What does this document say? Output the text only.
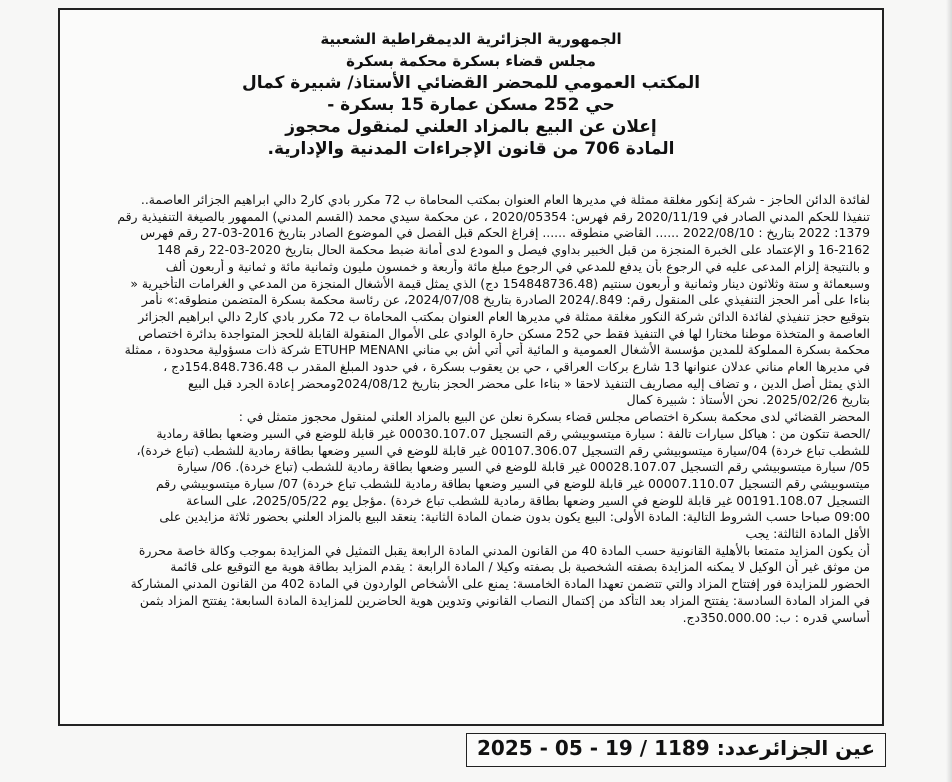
الجمهورية الجزائرية الديمقراطية الشعبية
مجلس قضاء بسكرة محكمة بسكرة
المكتب العمومي للمحضر القضائي الأستاذ/ شبيرة كمال
حي 252 مسكن عمارة 15 بسكرة -
إعلان عن البيع بالمزاد العلني لمنقول محجوز
المادة 706 من قانون الإجراءات المدنية والإدارية.
لفائدة الدائن الحاجز - شركة إنكور مغلقة ممثلة في مديرها العام العنوان بمكتب المحاماة ب 72 مكرر بادي كار2 دالي ابراهيم الجزائر العاصمة..
تنفيذا للحكم المدني الصادر في 2020/11/19 رقم فهرس: 2020/05354 ، عن محكمة سيدي محمد (القسم المدني) الممهور بالصيغة التنفيذية رقم
1379: 2022 بتاريخ : 2022/08/10 ...... القاضي منطوقه ...... إفراغ الحكم قبل الفصل في الموضوع الصادر بتاريخ 2016-03-27 رقم فهرس
16-2162 و الإعتماد على الخبرة المنجزة من قبل الخبير بداوي فيصل و المودع لدى أمانة ضبط محكمة الحال بتاريخ 2020-03-22 رقم 148
و بالنتيجة إلزام المدعى عليه في الرجوع بأن يدفع للمدعي في الرجوع مبلغ مائة وأربعة و خمسون مليون وثمانية مائة و ثمانية و أربعون ألف
وسبعمائة و ستة وثلاثون دينار وثمانية و أربعون سنتيم (154848736.48 دج) الذي يمثل قيمة الأشغال المنجزة من المدعي و الغرامات التأخيرية «
بناءا على أمر الحجز التنفيذي على المنقول رقم: 849./2024 الصادرة بتاريخ 2024/07/08، عن رئاسة محكمة بسكرة المتضمن منطوقه:» نأمر
بتوقيع حجز تنفيذي لفائدة الدائن شركة النكور مغلقة ممثلة في مديرها العام العنوان بمكتب المحاماة ب 72 مكرر بادي كار2 دالي ابراهيم الجزائر
العاصمة و المتخذة موطنا مختارا لها في التنفيذ فقط حي 252 مسكن حارة الوادي على الأموال المنقولة القابلة للحجز المتواجدة بدائرة اختصاص
محكمة بسكرة المملوكة للمدين مؤسسة الأشغال العمومية و المائية أتي أتي أش بي مناني ETUHP MENANI شركة ذات مسؤولية محدودة ، ممثلة
في مديرها العام مناني عدلان عنوانها 13 شارع بركات العراقي ، حي بن يعقوب بسكرة ، في حدود المبلغ المقدر ب 154.848.736.48دج ،
الذي يمثل أصل الدين ، و تضاف إليه مصاريف التنفيذ لاحقا « بناءا على محضر الحجز بتاريخ 2024/08/12ومحضر إعادة الجرد قبل البيع
بتاريخ 2025/02/26. نحن الأستاذ : شبيرة كمال
المحضر القضائي لدى محكمة بسكرة اختصاص مجلس قضاء بسكرة نعلن عن البيع بالمزاد العلني لمنقول محجوز متمثل في :
/الحصة تتكون من : هياكل سيارات تالفة : سيارة ميتسوبيشي رقم التسجيل 00030.107.07 غير قابلة للوضع في السير وضعها بطاقة رمادية
للشطب تباع خردة) 04/سيارة ميتسوبيشي رقم التسجيل 00107.306.07 غير قابلة للوضع في السير وضعها بطاقة رمادية للشطب (تباع خردة)،
05/ سيارة ميتسوبيشي رقم التسجيل 00028.107.07 غير قابلة للوضع في السير وضعها بطاقة رمادية للشطب (تباع خردة). 06/ سيارة
ميتسوبيشي رقم التسجيل 00007.110.07 غير قابلة للوضع في السير وضعها بطاقة رمادية للشطب تباع خردة) 07/ سيارة ميتسوبيشي رقم
التسجيل 00191.108.07 غير قابلة للوضع في السير وضعها بطاقة رمادية للشطب تباع خردة) .مؤجل يوم 2025/05/22، على الساعة
09:00 صباحا حسب الشروط التالية: المادة الأولى: البيع يكون بدون ضمان المادة الثانية: ينعقد البيع بالمزاد العلني بحضور ثلاثة مزايدين على
الأقل المادة الثالثة: يجب
أن يكون المزايد متمتعا بالأهلية القانونية حسب المادة 40 من القانون المدني المادة الرابعة يقبل التمثيل في المزايدة بموجب وكالة خاصة محررة
من موثق غير أن الوكيل لا يمكنه المزايدة بصفته الشخصية بل بصفته وكيلا / المادة الرابعة : يقدم المزايد بطاقة هوية مع التوقيع على قائمة
الحضور للمزايدة فور إفتتاح المزاد والتي تتضمن تعهدا المادة الخامسة: يمنع على الأشخاص الواردون في المادة 402 من القانون المدني المشاركة
في المزاد المادة السادسة: يفتتح المزاد بعد التأكد من إكتمال النصاب القانوني وتدوين هوية الحاضرين للمزايدة المادة السابعة: يفتتح المزاد بثمن
أساسي قدره : ب: 350.000.00دج.
عين الجزائرعدد: 1189 / 19 - 05 - 2025
